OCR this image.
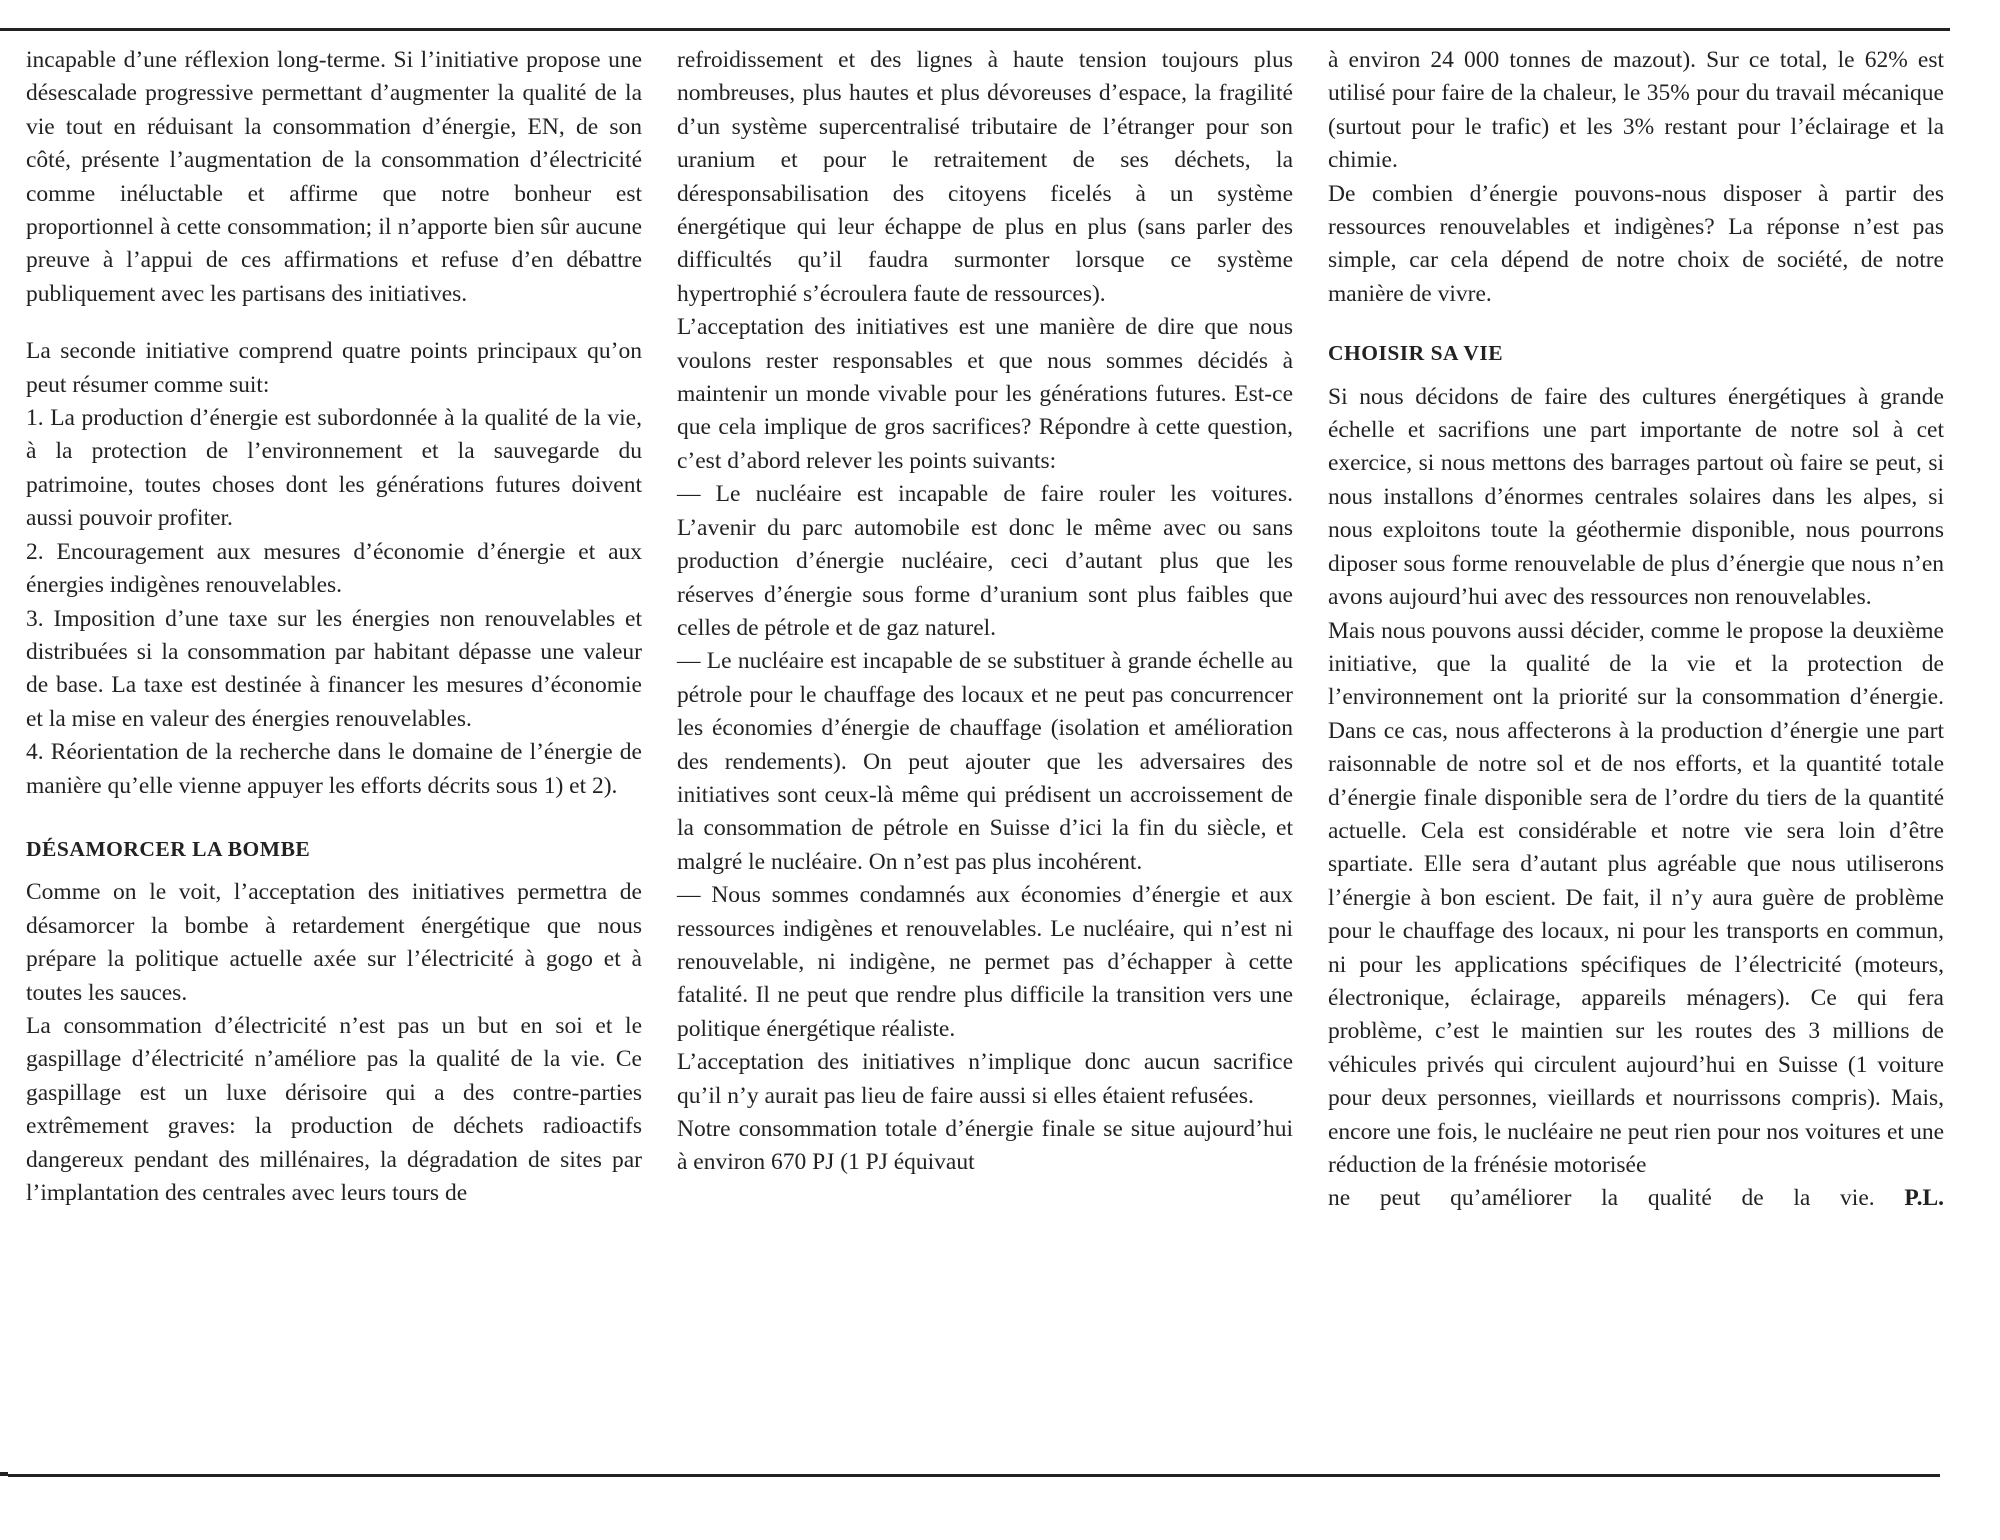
incapable d’une réflexion long-terme. Si l’initiative propose une désescalade progressive permettant d’augmenter la qualité de la vie tout en réduisant la consommation d’énergie, EN, de son côté, présente l’augmentation de la consommation d’électricité comme inéluctable et affirme que notre bonheur est proportionnel à cette consommation; il n’apporte bien sûr aucune preuve à l’appui de ces affirmations et refuse d’en débattre publiquement avec les partisans des initiatives.

La seconde initiative comprend quatre points principaux qu’on peut résumer comme suit:

1. La production d’énergie est subordonnée à la qualité de la vie, à la protection de l’environnement et la sauvegarde du patrimoine, toutes choses dont les générations futures doivent aussi pouvoir profiter.

2. Encouragement aux mesures d’économie d’énergie et aux énergies indigènes renouvelables.

3. Imposition d’une taxe sur les énergies non renouvelables et distribuées si la consommation par habitant dépasse une valeur de base. La taxe est destinée à financer les mesures d’économie et la mise en valeur des énergies renouvelables.

4. Réorientation de la recherche dans le domaine de l’énergie de manière qu’elle vienne appuyer les efforts décrits sous 1) et 2).

DÉSAMORCER LA BOMBE

Comme on le voit, l’acceptation des initiatives permettra de désamorcer la bombe à retardement énergétique que nous prépare la politique actuelle axée sur l’électricité à gogo et à toutes les sauces.

La consommation d’électricité n’est pas un but en soi et le gaspillage d’électricité n’améliore pas la qualité de la vie. Ce gaspillage est un luxe dérisoire qui a des contre-parties extrêmement graves: la production de déchets radioactifs dangereux pendant des millénaires, la dégradation de sites par l’implantation des centrales avec leurs tours de

refroidissement et des lignes à haute tension toujours plus nombreuses, plus hautes et plus dévoreuses d’espace, la fragilité d’un système supercentralisé tributaire de l’étranger pour son uranium et pour le retraitement de ses déchets, la déresponsabilisation des citoyens ficelés à un système énergétique qui leur échappe de plus en plus (sans parler des difficultés qu’il faudra surmonter lorsque ce système hypertrophié s’écroulera faute de ressources).

L’acceptation des initiatives est une manière de dire que nous voulons rester responsables et que nous sommes décidés à maintenir un monde vivable pour les générations futures. Est-ce que cela implique de gros sacrifices? Répondre à cette question, c’est d’abord relever les points suivants:

— Le nucléaire est incapable de faire rouler les voitures. L’avenir du parc automobile est donc le même avec ou sans production d’énergie nucléaire, ceci d’autant plus que les réserves d’énergie sous forme d’uranium sont plus faibles que celles de pétrole et de gaz naturel.

— Le nucléaire est incapable de se substituer à grande échelle au pétrole pour le chauffage des locaux et ne peut pas concurrencer les économies d’énergie de chauffage (isolation et amélioration des rendements). On peut ajouter que les adversaires des initiatives sont ceux-là même qui prédisent un accroissement de la consommation de pétrole en Suisse d’ici la fin du siècle, et malgré le nucléaire. On n’est pas plus incohérent.

— Nous sommes condamnés aux économies d’énergie et aux ressources indigènes et renouvelables. Le nucléaire, qui n’est ni renouvelable, ni indigène, ne permet pas d’échapper à cette fatalité. Il ne peut que rendre plus difficile la transition vers une politique énergétique réaliste.

L’acceptation des initiatives n’implique donc aucun sacrifice qu’il n’y aurait pas lieu de faire aussi si elles étaient refusées.

Notre consommation totale d’énergie finale se situe aujourd’hui à environ 670 PJ (1 PJ équivaut

à environ 24 000 tonnes de mazout). Sur ce total, le 62% est utilisé pour faire de la chaleur, le 35% pour du travail mécanique (surtout pour le trafic) et les 3% restant pour l’éclairage et la chimie.

De combien d’énergie pouvons-nous disposer à partir des ressources renouvelables et indigènes? La réponse n’est pas simple, car cela dépend de notre choix de société, de notre manière de vivre.

CHOISIR SA VIE

Si nous décidons de faire des cultures énergétiques à grande échelle et sacrifions une part importante de notre sol à cet exercice, si nous mettons des barrages partout où faire se peut, si nous installons d’énormes centrales solaires dans les alpes, si nous exploitons toute la géothermie disponible, nous pourrons diposer sous forme renouvelable de plus d’énergie que nous n’en avons aujourd’hui avec des ressources non renouvelables.

Mais nous pouvons aussi décider, comme le propose la deuxième initiative, que la qualité de la vie et la protection de l’environnement ont la priorité sur la consommation d’énergie. Dans ce cas, nous affecterons à la production d’énergie une part raisonnable de notre sol et de nos efforts, et la quantité totale d’énergie finale disponible sera de l’ordre du tiers de la quantité actuelle. Cela est considérable et notre vie sera loin d’être spartiate. Elle sera d’autant plus agréable que nous utiliserons l’énergie à bon escient. De fait, il n’y aura guère de problème pour le chauffage des locaux, ni pour les transports en commun, ni pour les applications spécifiques de l’électricité (moteurs, électronique, éclairage, appareils ménagers). Ce qui fera problème, c’est le maintien sur les routes des 3 millions de véhicules privés qui circulent aujourd’hui en Suisse (1 voiture pour deux personnes, vieillards et nourrissons compris). Mais, encore une fois, le nucléaire ne peut rien pour nos voitures et une réduction de la frénésie motorisée

ne peut qu’améliorer la qualité de la vie. P.L.
